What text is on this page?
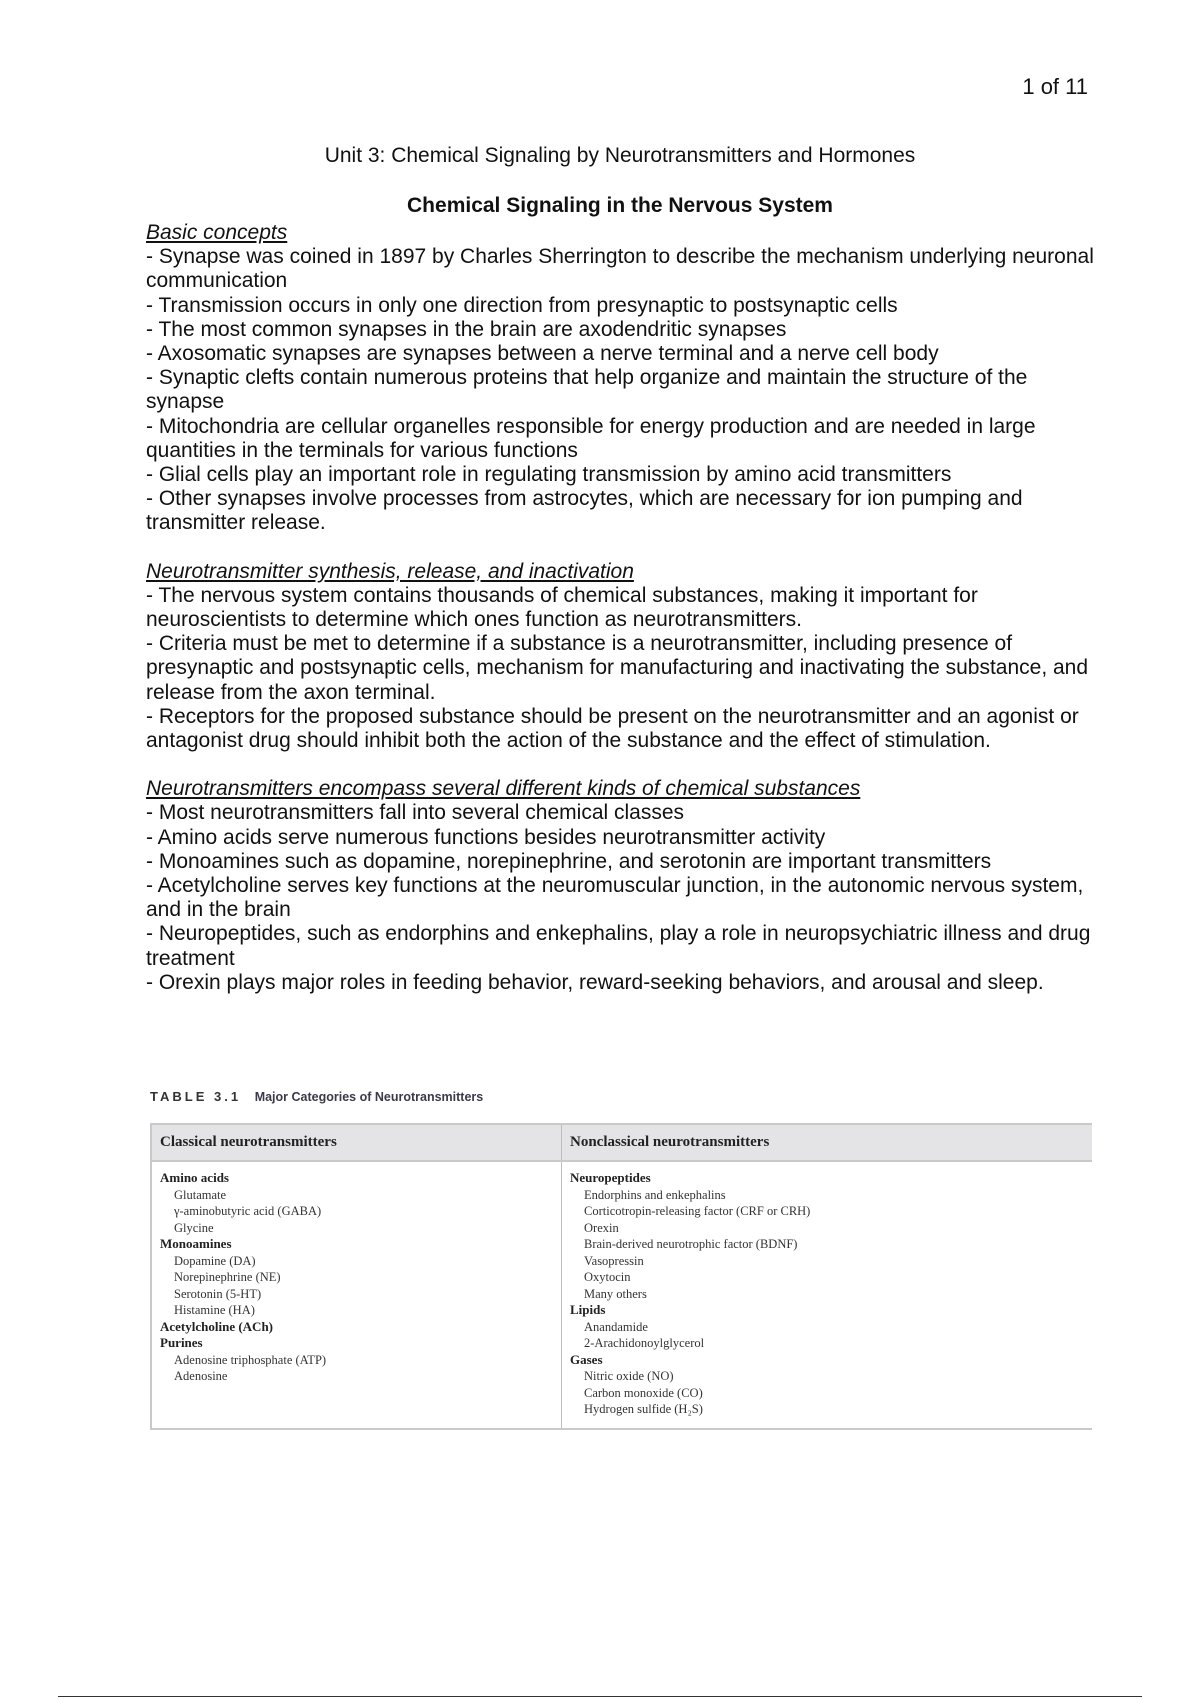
1 of 11
Unit 3: Chemical Signaling by Neurotransmitters and Hormones
Chemical Signaling in the Nervous System

Basic concepts

- Synapse was coined in 1897 by Charles Sherrington to describe the mechanism underlying neuronal communication

- Transmission occurs in only one direction from presynaptic to postsynaptic cells

- The most common synapses in the brain are axodendritic synapses

- Axosomatic synapses are synapses between a nerve terminal and a nerve cell body

- Synaptic clefts contain numerous proteins that help organize and maintain the structure of the synapse

- Mitochondria are cellular organelles responsible for energy production and are needed in large quantities in the terminals for various functions

- Glial cells play an important role in regulating transmission by amino acid transmitters

- Other synapses involve processes from astrocytes, which are necessary for ion pumping and transmitter release.

Neurotransmitter synthesis, release, and inactivation

- The nervous system contains thousands of chemical substances, making it important for neuroscientists to determine which ones function as neurotransmitters.

- Criteria must be met to determine if a substance is a neurotransmitter, including presence of presynaptic and postsynaptic cells, mechanism for manufacturing and inactivating the substance, and release from the axon terminal.

- Receptors for the proposed substance should be present on the neurotransmitter and an agonist or antagonist drug should inhibit both the action of the substance and the effect of stimulation.

Neurotransmitters encompass several different kinds of chemical substances

- Most neurotransmitters fall into several chemical classes

- Amino acids serve numerous functions besides neurotransmitter activity

- Monoamines such as dopamine, norepinephrine, and serotonin are important transmitters

- Acetylcholine serves key functions at the neuromuscular junction, in the autonomic nervous system, and in the brain

- Neuropeptides, such as endorphins and enkephalins, play a role in neuropsychiatric illness and drug treatment

- Orexin plays major roles in feeding behavior, reward-seeking behaviors, and arousal and sleep.

TABLE 3.1 Major Categories of Neurotransmitters
Classical neurotransmitters	Nonclassical neurotransmitters
Amino acids
Glutamate
γ-aminobutyric acid (GABA)
Glycine
Monoamines
Dopamine (DA)
Norepinephrine (NE)
Serotonin (5-HT)
Histamine (HA)
Acetylcholine (ACh)
Purines
Adenosine triphosphate (ATP)
Adenosine
Neuropeptides
Endorphins and enkephalins
Corticotropin-releasing factor (CRF or CRH)
Orexin
Brain-derived neurotrophic factor (BDNF)
Vasopressin
Oxytocin
Many others
Lipids
Anandamide
2-Arachidonoylglycerol
Gases
Nitric oxide (NO)
Carbon monoxide (CO)
Hydrogen sulfide (H₂S)
